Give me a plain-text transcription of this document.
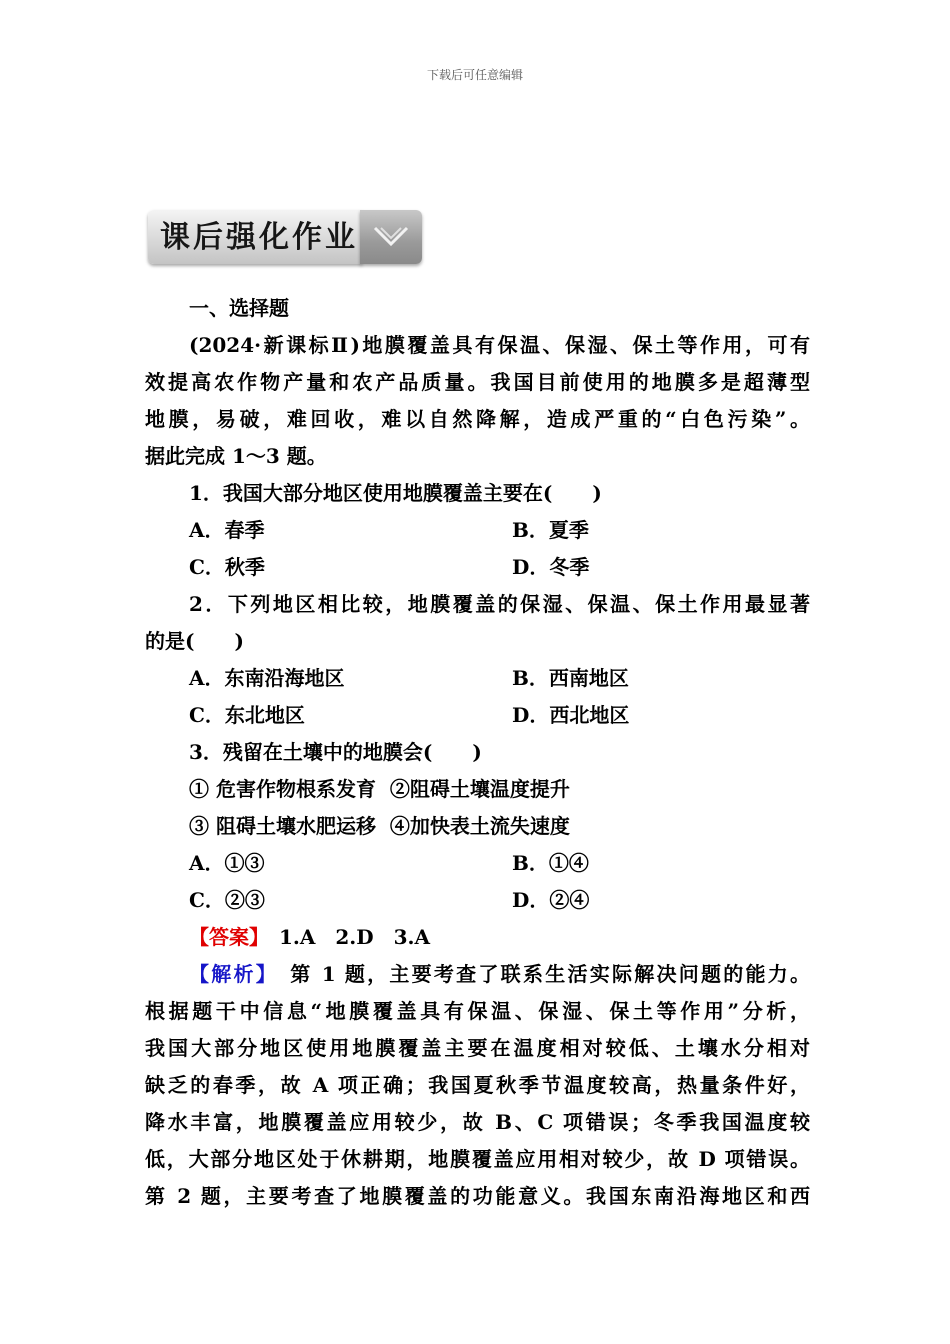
下载后可任意编辑
课后强化作业

一、选择题

(2024·新课标Ⅱ)地膜覆盖具有保温、保湿、保土等作用，可有

效提高农作物产量和农产品质量。我国目前使用的地膜多是超薄型

地膜，易破，难回收，难以自然降解，造成严重的“白色污染”。

据此完成 1～3 题。

1．我国大部分地区使用地膜覆盖主要在(　　)

A．春季	B．夏季
C．秋季	D．冬季

2．下列地区相比较，地膜覆盖的保湿、保温、保土作用最显著

的是(　　)

A．东南沿海地区	B．西南地区
C．东北地区	D．西北地区

3．残留在土壤中的地膜会(　　)

① 危害作物根系发育  ②阻碍土壤温度提升

③ 阻碍土壤水肥运移  ④加快表土流失速度

A．①③	B．①④
C．②③	D．②④

【答案】　1.A　2.D　3.A

【解析】　第 1 题，主要考查了联系生活实际解决问题的能力。

根据题干中信息“地膜覆盖具有保温、保湿、保土等作用”分析，

我国大部分地区使用地膜覆盖主要在温度相对较低、土壤水分相对

缺乏的春季，故 A 项正确；我国夏秋季节温度较高，热量条件好，

降水丰富，地膜覆盖应用较少，故 B、C 项错误；冬季我国温度较

低，大部分地区处于休耕期，地膜覆盖应用相对较少，故 D 项错误。

第 2 题，主要考查了地膜覆盖的功能意义。我国东南沿海地区和西
